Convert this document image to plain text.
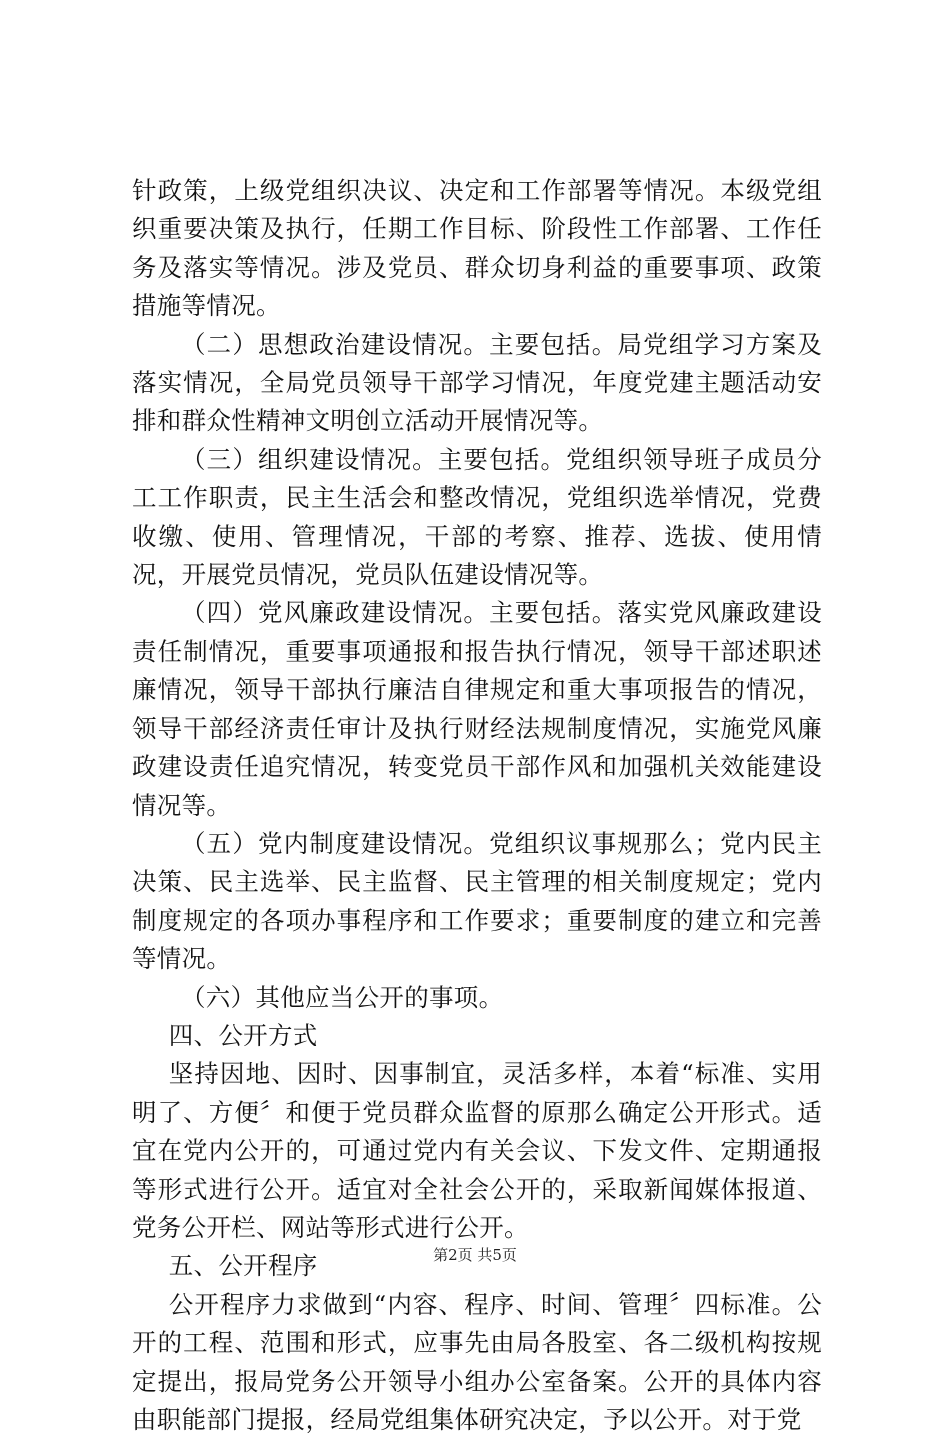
针政策，上级党组织决议、决定和工作部署等情况。本级党组织重要决策及执行，任期工作目标、阶段性工作部署、工作任务及落实等情况。涉及党员、群众切身利益的重要事项、政策措施等情况。

（二）思想政治建设情况。主要包括。局党组学习方案及落实情况，全局党员领导干部学习情况，年度党建主题活动安排和群众性精神文明创立活动开展情况等。

（三）组织建设情况。主要包括。党组织领导班子成员分工工作职责，民主生活会和整改情况，党组织选举情况，党费收缴、使用、管理情况，干部的考察、推荐、选拔、使用情况，开展党员情况，党员队伍建设情况等。

（四）党风廉政建设情况。主要包括。落实党风廉政建设责任制情况，重要事项通报和报告执行情况，领导干部述职述廉情况，领导干部执行廉洁自律规定和重大事项报告的情况，领导干部经济责任审计及执行财经法规制度情况，实施党风廉政建设责任追究情况，转变党员干部作风和加强机关效能建设情况等。

（五）党内制度建设情况。党组织议事规那么；党内民主决策、民主选举、民主监督、民主管理的相关制度规定；党内制度规定的各项办事程序和工作要求；重要制度的建立和完善等情况。

（六）其他应当公开的事项。

四、公开方式

坚持因地、因时、因事制宜，灵活多样，本着“标准、实用明了、方便〞和便于党员群众监督的原那么确定公开形式。适宜在党内公开的，可通过党内有关会议、下发文件、定期通报等形式进行公开。适宜对全社会公开的，采取新闻媒体报道、党务公开栏、网站等形式进行公开。

五、公开程序

公开程序力求做到“内容、程序、时间、管理〞四标准。公开的工程、范围和形式，应事先由局各股室、各二级机构按规定提出，报局党务公开领导小组办公室备案。公开的具体内容由职能部门提报，经局党组集体研究决定，予以公开。对于党

第2页 共5页
